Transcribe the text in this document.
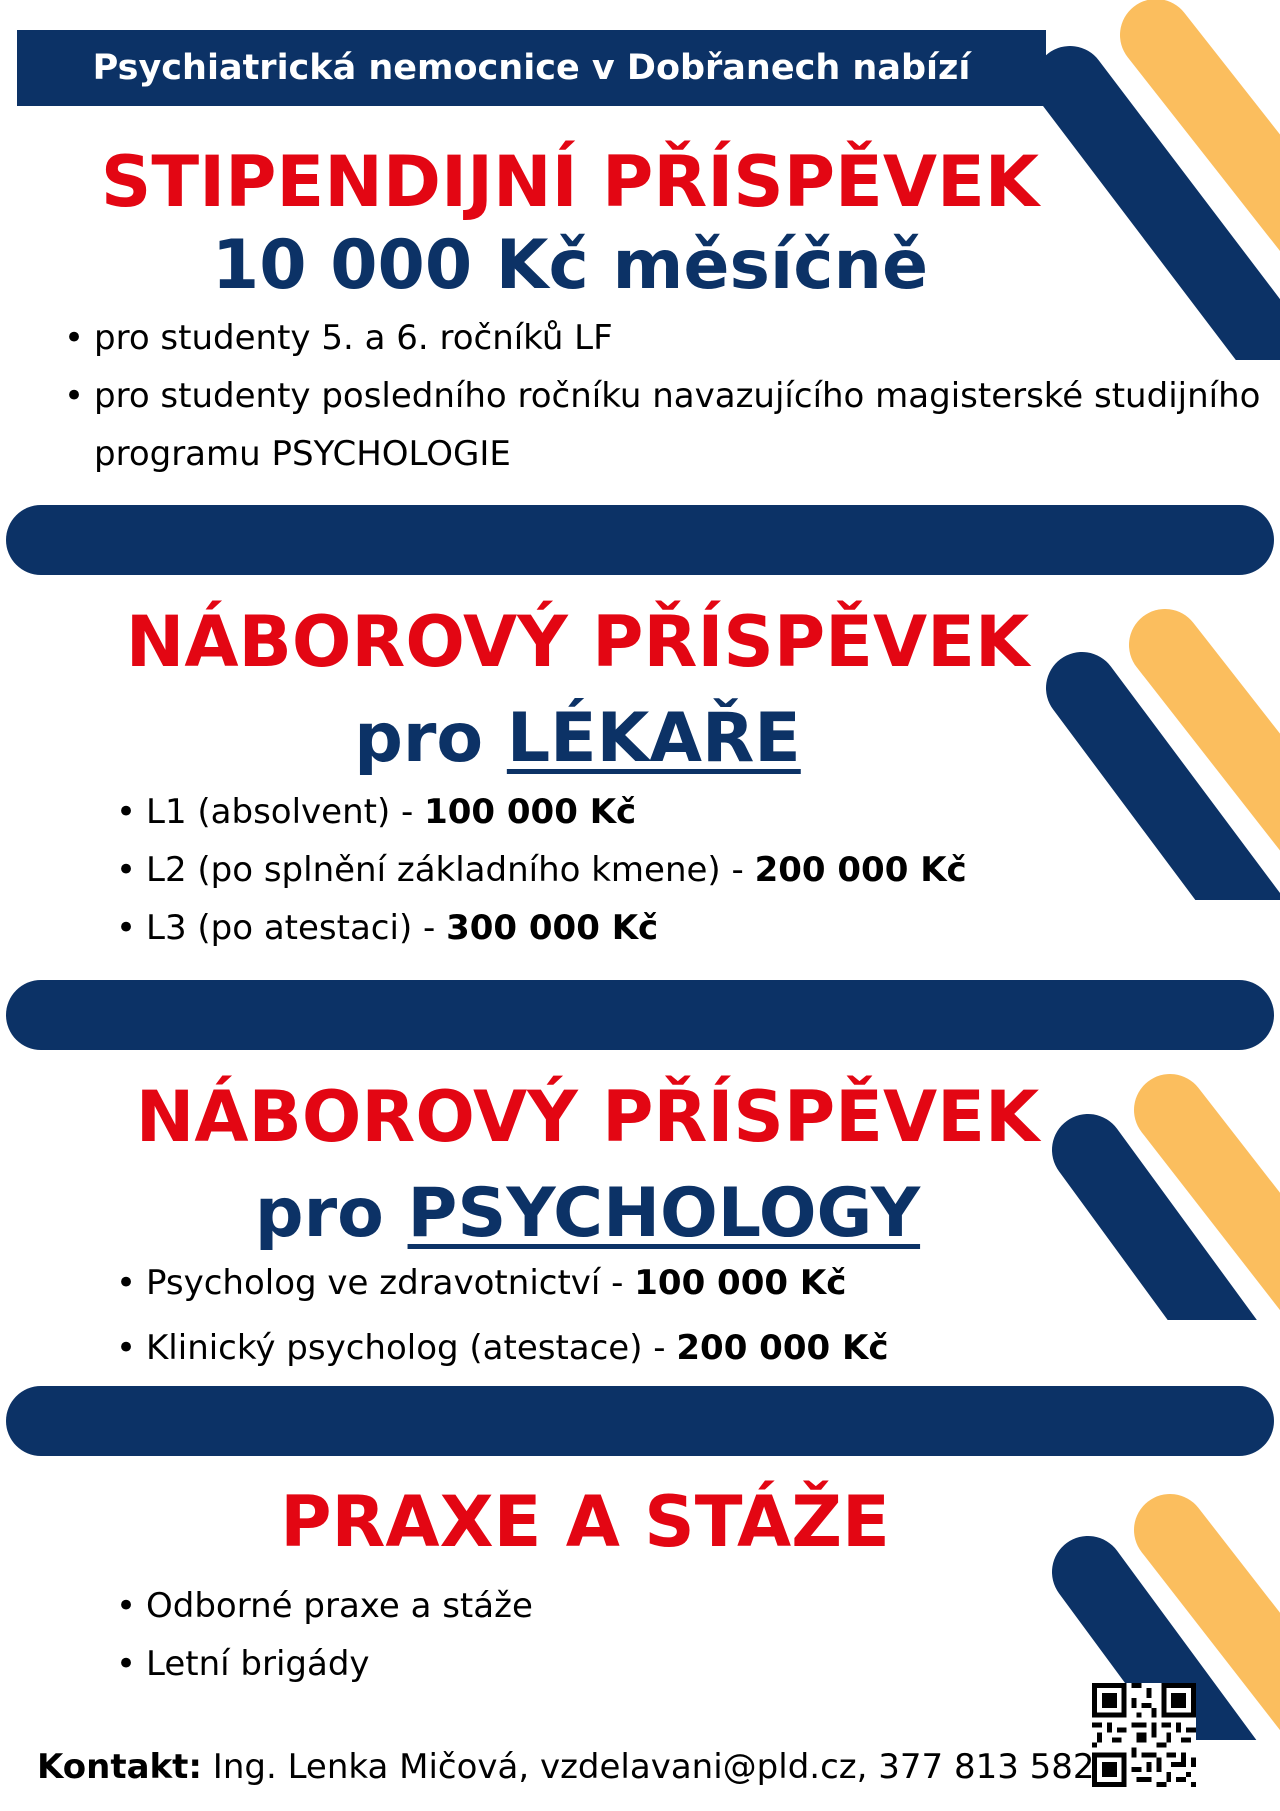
Psychiatrická nemocnice v Dobřanech nabízí
STIPENDIJNÍ PŘÍSPĚVEK
10 000 Kč měsíčně
• pro studenty 5. a 6. ročníků LF
• pro studenty posledního ročníku navazujícího magisterské studijního
programu PSYCHOLOGIE
NÁBOROVÝ PŘÍSPĚVEK
pro LÉKAŘE
• L1 (absolvent) - 100 000 Kč
• L2 (po splnění základního kmene) - 200 000 Kč
• L3 (po atestaci) - 300 000 Kč
NÁBOROVÝ PŘÍSPĚVEK
pro PSYCHOLOGY
• Psycholog ve zdravotnictví - 100 000 Kč
• Klinický psycholog (atestace) - 200 000 Kč
PRAXE A STÁŽE
• Odborné praxe a stáže
• Letní brigády
Kontakt: Ing. Lenka Mičová, vzdelavani@pld.cz, 377 813 582
